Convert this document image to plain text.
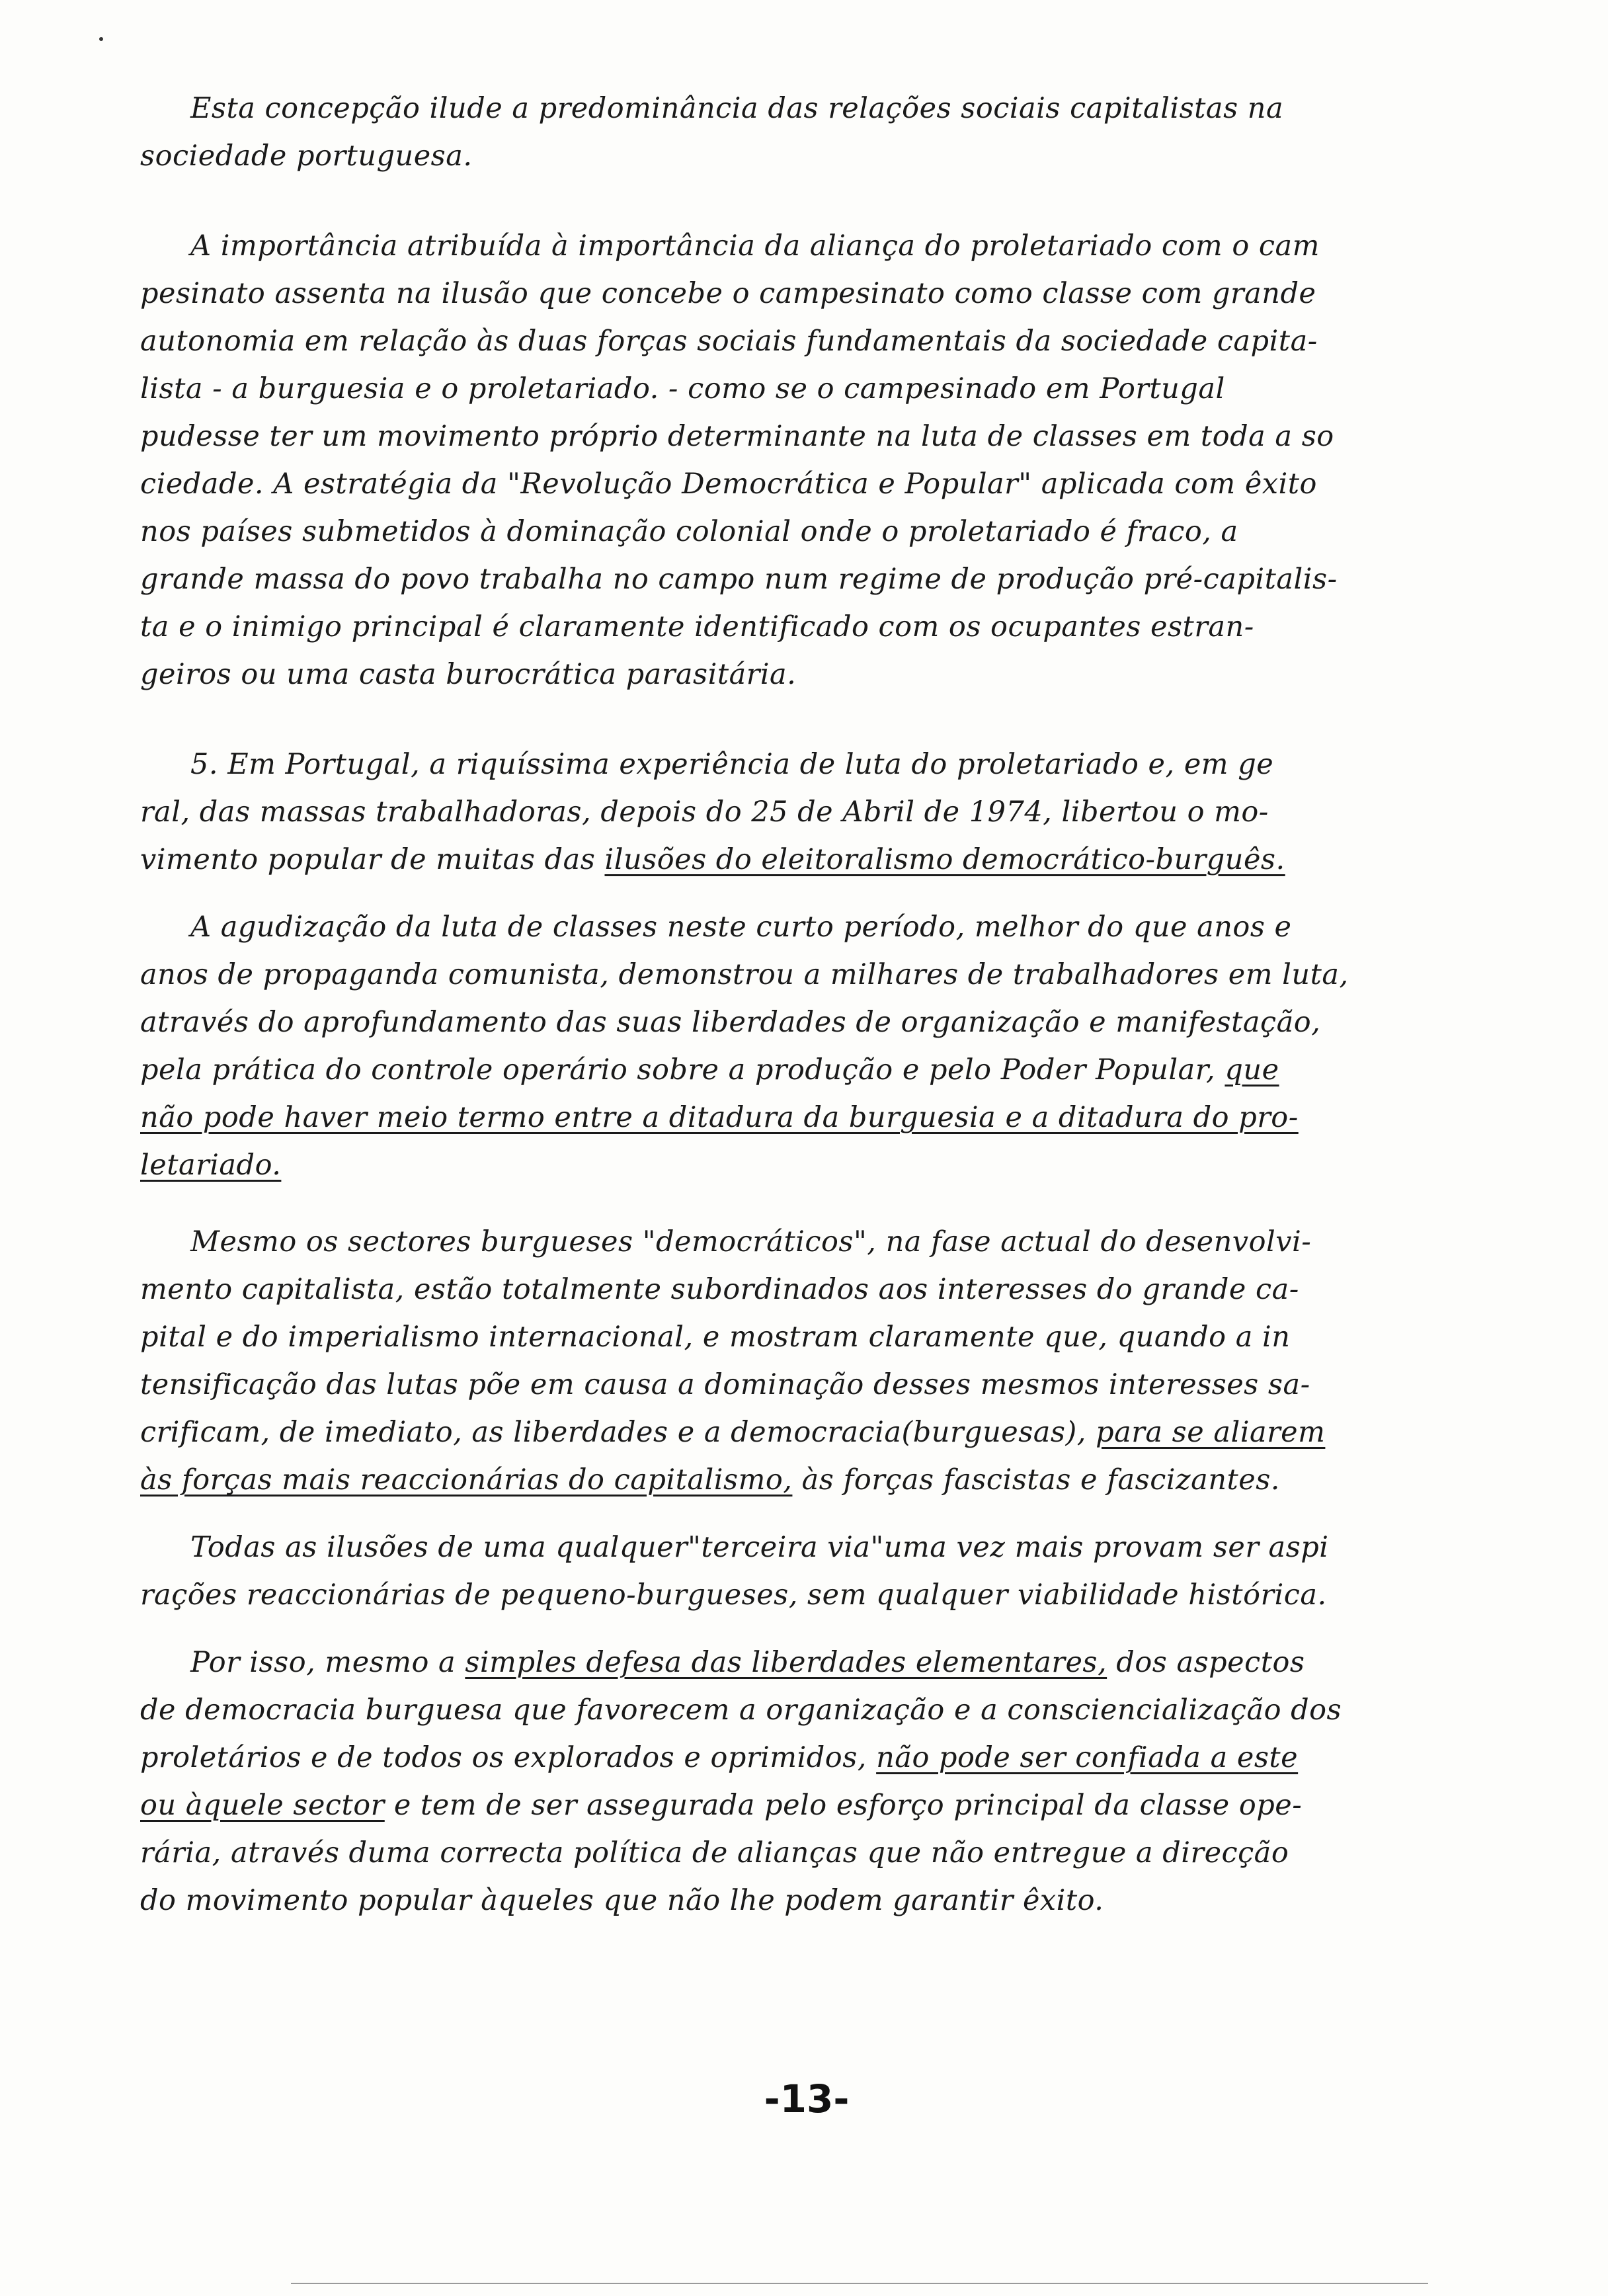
Esta concepção ilude a predominância das relações sociais capitalistas na
sociedade portuguesa.

A importância atribuída à importância da aliança do proletariado com o cam
pesinato assenta na ilusão que concebe o campesinato como classe com grande
autonomia em relação às duas forças sociais fundamentais da sociedade capita-
lista - a burguesia e o proletariado. - como se o campesinado em Portugal
pudesse ter um movimento próprio determinante na luta de classes em toda a so
ciedade. A estratégia da "Revolução Democrática e Popular" aplicada com êxito
nos países submetidos à dominação colonial onde o proletariado é fraco, a
grande massa do povo trabalha no campo num regime de produção pré-capitalis-
ta e o inimigo principal é claramente identificado com os ocupantes estran-
geiros ou uma casta burocrática parasitária.

5. Em Portugal, a riquíssima experiência de luta do proletariado e, em ge
ral, das massas trabalhadoras, depois do 25 de Abril de 1974, libertou o mo-
vimento popular de muitas das ilusões do eleitoralismo democrático-burguês.

A agudização da luta de classes neste curto período, melhor do que anos e
anos de propaganda comunista, demonstrou a milhares de trabalhadores em luta,
através do aprofundamento das suas liberdades de organização e manifestação,
pela prática do controle operário sobre a produção e pelo Poder Popular, que
não pode haver meio termo entre a ditadura da burguesia e a ditadura do pro-
letariado.

Mesmo os sectores burgueses "democráticos", na fase actual do desenvolvi-
mento capitalista, estão totalmente subordinados aos interesses do grande ca-
pital e do imperialismo internacional, e mostram claramente que, quando a in
tensificação das lutas põe em causa a dominação desses mesmos interesses sa-
crificam, de imediato, as liberdades e a democracia(burguesas), para se aliarem
às forças mais reaccionárias do capitalismo, às forças fascistas e fascizantes.

Todas as ilusões de uma qualquer"terceira via"uma vez mais provam ser aspi
rações reaccionárias de pequeno-burgueses, sem qualquer viabilidade histórica.

Por isso, mesmo a simples defesa das liberdades elementares, dos aspectos
de democracia burguesa que favorecem a organização e a consciencialização dos
proletários e de todos os explorados e oprimidos, não pode ser confiada a este
ou àquele sector e tem de ser assegurada pelo esforço principal da classe ope-
rária, através duma correcta política de alianças que não entregue a direcção
do movimento popular àqueles que não lhe podem garantir êxito.

-13-
